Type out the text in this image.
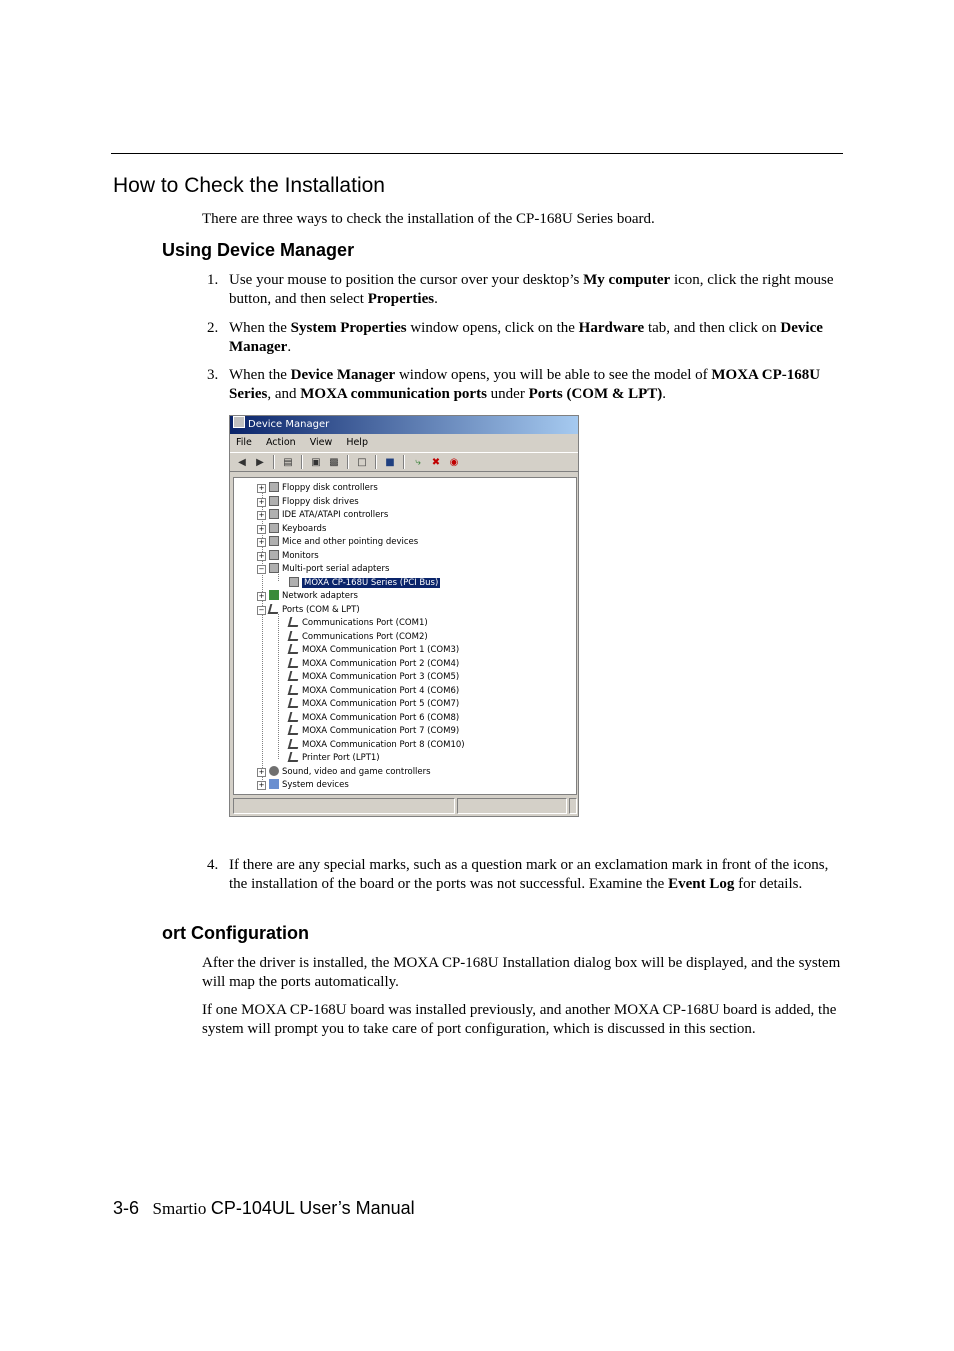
How to Check the Installation

There are three ways to check the installation of the CP-168U Series board.

Using Device Manager
1. Use your mouse to position the cursor over your desktop’s My computer icon, click the right mouse button, and then select Properties.
2. When the System Properties window opens, click on the Hardware tab, and then click on Device Manager.
3. When the Device Manager window opens, you will be able to see the model of MOXA CP-168U Series, and MOXA communication ports under Ports (COM & LPT).
Device Manager
File Action View Help
◀	▶	▤ ▣ ▩ □ ■	⤷	✖ ◉
+ Floppy disk controllers
+ Floppy disk drives
+ IDE ATA/ATAPI controllers
+ Keyboards
+ Mice and other pointing devices
+ Monitors
− Multi-port serial adapters
MOXA CP-168U Series (PCI Bus)
+ Network adapters
− Ports (COM & LPT)
Communications Port (COM1)
Communications Port (COM2)
MOXA Communication Port 1 (COM3)
MOXA Communication Port 2 (COM4)
MOXA Communication Port 3 (COM5)
MOXA Communication Port 4 (COM6)
MOXA Communication Port 5 (COM7)
MOXA Communication Port 6 (COM8)
MOXA Communication Port 7 (COM9)
MOXA Communication Port 8 (COM10)
Printer Port (LPT1)
+ Sound, video and game controllers
+ System devices
4. If there are any special marks, such as a question mark or an exclamation mark in front of the icons, the installation of the board or the ports was not successful. Examine the Event Log for details.
ort Configuration

After the driver is installed, the MOXA CP-168U Installation dialog box will be displayed, and the system will map the ports automatically.

If one MOXA CP-168U board was installed previously, and another MOXA CP-168U board is added, the system will prompt you to take care of port configuration, which is discussed in this section.

3-6 Smartio CP-104UL User’s Manual
